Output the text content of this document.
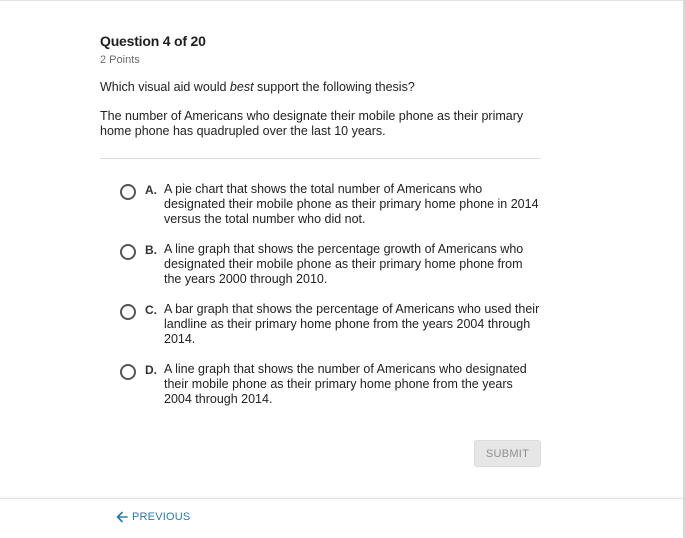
Question 4 of 20
2 Points
Which visual aid would best support the following thesis?
The number of Americans who designate their mobile phone as their primary home phone has quadrupled over the last 10 years.
A. A pie chart that shows the total number of Americans who designated their mobile phone as their primary home phone in 2014 versus the total number who did not.
B. A line graph that shows the percentage growth of Americans who designated their mobile phone as their primary home phone from the years 2000 through 2010.
C. A bar graph that shows the percentage of Americans who used their landline as their primary home phone from the years 2004 through 2014.
D. A line graph that shows the number of Americans who designated their mobile phone as their primary home phone from the years 2004 through 2014.
SUBMIT
PREVIOUS
